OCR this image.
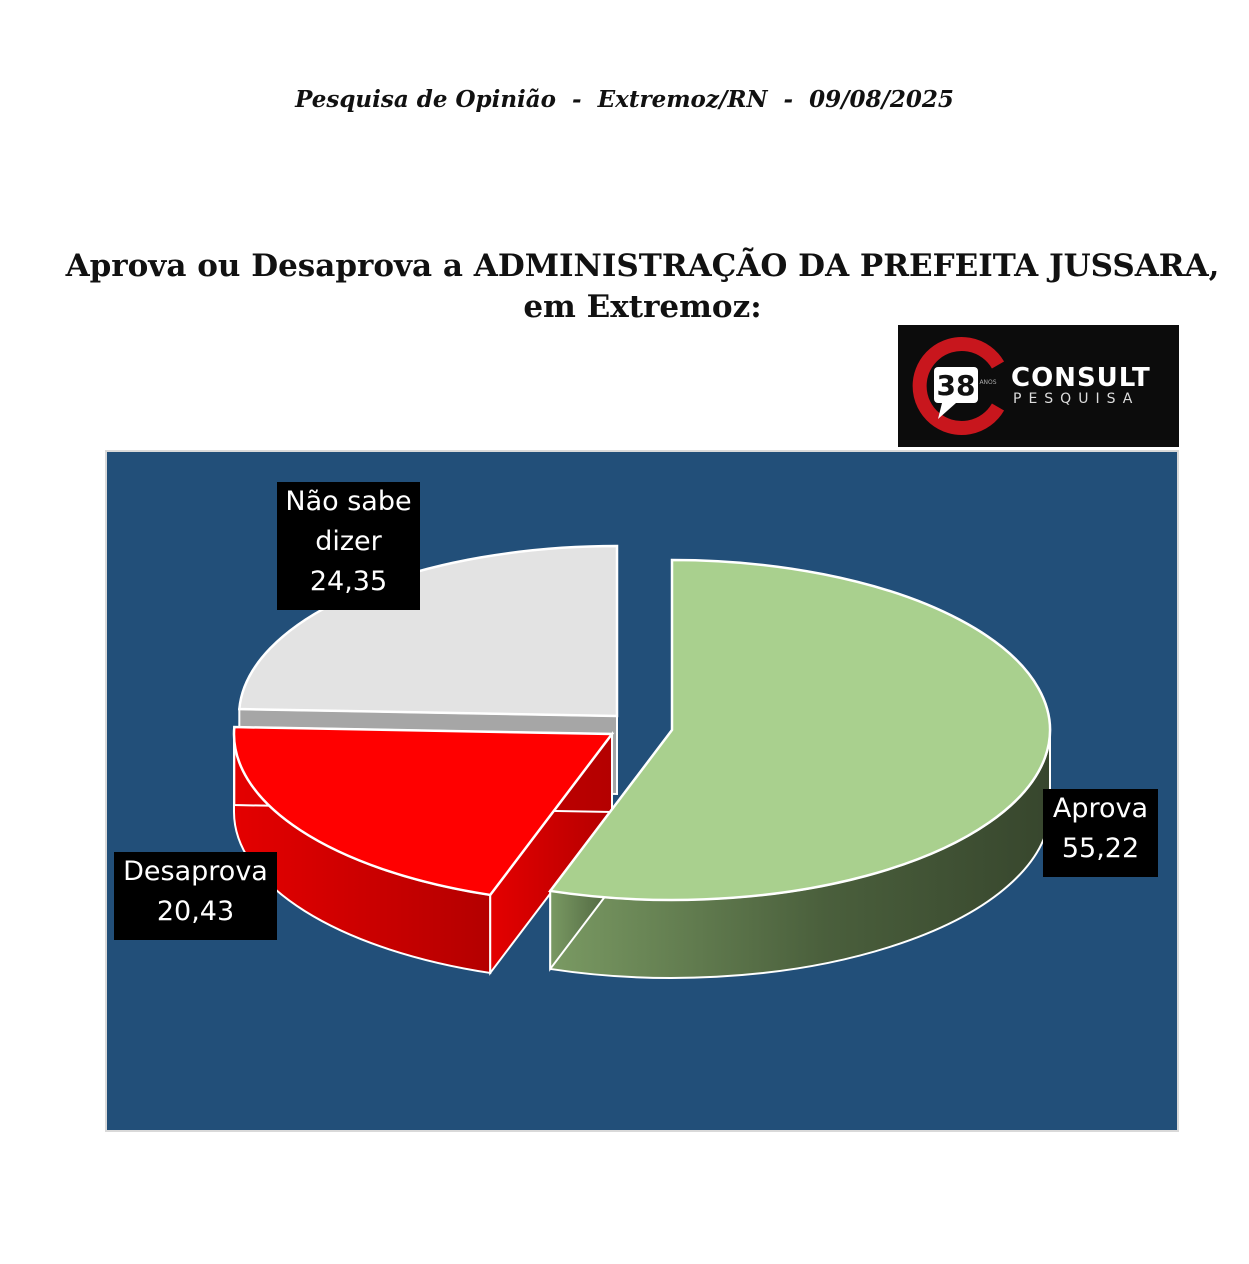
Pesquisa de Opinião  -  Extremoz/RN  -  09/08/2025
Aprova ou Desaprova a ADMINISTRAÇÃO DA PREFEITA JUSSARA,
em Extremoz:
38 ANOS CONSULT
PESQUISA
Não sabe
dizer
24,35
Aprova
55,22
Desaprova
20,43
